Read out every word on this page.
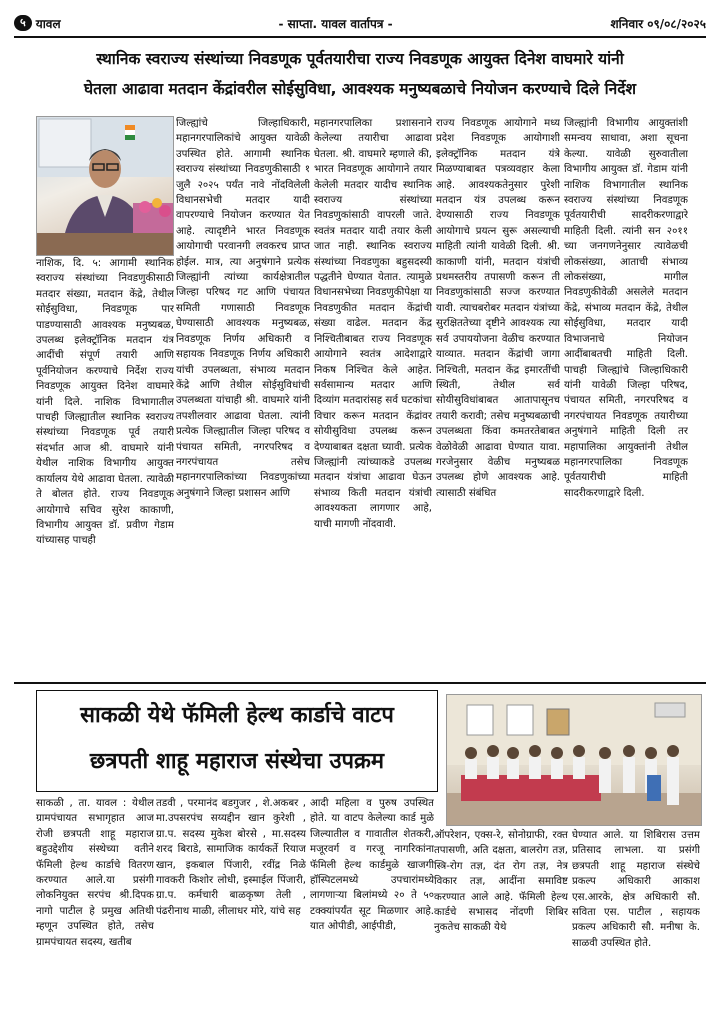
५ यावल	- साप्ता. यावल वार्तापत्र -	शनिवार ०९/०८/२०२५
स्थानिक स्वराज्य संस्थांच्या निवडणूक पूर्वतयारीचा राज्य निवडणूक आयुक्त दिनेश वाघमारे यांनी
घेतला आढावा मतदान केंद्रांवरील सोईसुविधा, आवश्यक मनुष्यबळाचे नियोजन करण्याचे दिले निर्देश
नाशिक, दि. ५: आगामी स्थानिक स्वराज्य संस्थांच्या निवडणुकीसाठी मतदार संख्या, मतदान केंद्रे, तेथील सोईसुविधा, निवडणूक पार पाडण्यासाठी आवश्यक मनुष्यबळ, उपलब्ध इलेक्ट्रॉनिक मतदान यंत्र आदींची संपूर्ण तयारी आणि पूर्वनियोजन करण्याचे निर्देश राज्य निवडणूक आयुक्त दिनेश वाघमारे यांनी दिले. नाशिक विभागातील पाचही जिल्ह्यातील स्थानिक स्वराज्य संस्थांच्या निवडणूक पूर्व तयारी संदर्भात आज श्री. वाघमारे यांनी येथील नाशिक विभागीय आयुक्त कार्यालय येथे आढावा घेतला. त्यावेळी ते बोलत होते. राज्य निवडणूक आयोगाचे सचिव सुरेश काकाणी, विभागीय आयुक्त डॉ. प्रवीण गेडाम यांच्यासह पाचही
जिल्ह्यांचे जिल्हाधिकारी, महानगरपालिकांचे आयुक्त यावेळी उपस्थित होते. आगामी स्थानिक स्वराज्य संस्थांच्या निवडणुकीसाठी १ जुलै २०२५ पर्यंत नावे नोंदविलेली विधानसभेची मतदार यादी वापरण्याचे नियोजन करण्यात येत आहे. त्यादृष्टीने भारत निवडणूक आयोगाची परवानगी लवकरच प्राप्त होईल. मात्र, त्या अनुषंगाने प्रत्येक जिल्ह्यांनी त्यांच्या कार्यक्षेत्रातील जिल्हा परिषद गट आणि पंचायत समिती गणासाठी निवडणूक घेण्यासाठी आवश्यक मनुष्यबळ, निवडणूक निर्णय अधिकारी व सहायक निवडणूक निर्णय अधिकारी यांची उपलब्धता, संभाव्य मतदान केंद्रे आणि तेथील सोईसुविधांची उपलब्धता यांचाही श्री. वाघमारे यांनी तपशीलवार आढावा घेतला. त्यांनी प्रत्येक जिल्ह्यातील जिल्हा परिषद व पंचायत समिती, नगरपरिषद व नगरपंचायत तसेच महानगरपालिकांच्या निवडणुकांच्या अनुषंगाने जिल्हा प्रशासन आणि
महानगरपालिका प्रशासनाने केलेल्या तयारीचा आढावा घेतला. श्री. वाघमारे म्हणाले की, भारत निवडणूक आयोगाने तयार केलेली मतदार यादीच स्थानिक स्वराज्य संस्थांच्या निवडणुकांसाठी वापरली जाते. स्वतंत्र मतदार यादी तयार केली जात नाही. स्थानिक स्वराज्य संस्थांच्या निवडणुका बहुसदस्यी पद्धतीने घेण्यात येतात. त्यामुळे विधानसभेच्या निवडणुकीपेक्षा या निवडणुकीत मतदान केंद्रांची संख्या वाढेल. मतदान केंद्र निश्चितीबाबत राज्य निवडणूक आयोगाने स्वतंत्र आदेशाद्वारे निकष निश्चित केले आहेत. सर्वसामान्य मतदार आणि दिव्यांग मतदारांसह सर्व घटकांचा विचार करून मतदान केंद्रांवर सोयीसुविधा उपलब्ध करून देण्याबाबत दक्षता घ्यावी. प्रत्येक जिल्ह्यांनी त्यांच्याकडे उपलब्ध मतदान यंत्रांचा आढावा घेऊन संभाव्य किती मतदान यंत्रांची आवश्यकता लागणार आहे, याची मागणी नोंदवावी.
राज्य निवडणूक आयोगाने मध्य प्रदेश निवडणूक आयोगाशी इलेक्ट्रॉनिक मतदान यंत्रे मिळण्याबाबत पत्रव्यवहार केला आहे. आवश्यकतेनुसार पुरेशी मतदान यंत्र उपलब्ध करून देण्यासाठी राज्य निवडणूक आयोगाचे प्रयत्न सुरू असल्याची माहिती त्यांनी यावेळी दिली. श्री. काकाणी यांनी, मतदान यंत्रांची प्रथमस्तरीय तपासणी करून ती निवडणुकांसाठी सज्ज करण्यात यावी. त्याचबरोबर मतदान यंत्रांच्या सुरक्षिततेच्या दृष्टीने आवश्यक त्या सर्व उपाययोजना वेळीच करण्यात याव्यात. मतदान केंद्रांची जागा निश्चिती, मतदान केंद्र इमारतींची स्थिती, तेथील सर्व सोयीसुविधांबाबत आतापासूनच तयारी करावी; तसेच मनुष्यबळाची उपलब्धता किंवा कमतरतेबाबत वेळोवेळी आढावा घेण्यात यावा. गरजेनुसार वेळीच मनुष्यबळ उपलब्ध होणे आवश्यक आहे. त्यासाठी संबंधित
जिल्ह्यांनी विभागीय आयुक्तांशी समन्वय साधावा, अशा सूचना केल्या. यावेळी सुरुवातीला विभागीय आयुक्त डॉ. गेडाम यांनी नाशिक विभागातील स्थानिक स्वराज्य संस्थांच्या निवडणूक पूर्वतयारीची सादरीकरणाद्वारे माहिती दिली. त्यांनी सन २०११ च्या जनगणनेनुसार त्यावेळची लोकसंख्या, आताची संभाव्य लोकसंख्या, मागील निवडणुकीवेळी असलेले मतदान केंद्रे, संभाव्य मतदान केंद्रे, तेथील सोईसुविधा, मतदार यादी विभाजनाचे नियोजन आदींबाबतची माहिती दिली. पाचही जिल्ह्यांचे जिल्हाधिकारी यांनी यावेळी जिल्हा परिषद, पंचायत समिती, नगरपरिषद व नगरपंचायत निवडणूक तयारीच्या अनुषंगाने माहिती दिली तर महापालिका आयुक्तांनी तेथील महानगरपालिका निवडणूक पूर्वतयारीची माहिती सादरीकरणाद्वारे दिली.
साकळी येथे फॅमिली हेल्थ कार्डाचे वाटप
छत्रपती शाहू महाराज संस्थेचा उपक्रम
साकळी , ता. यावल : येथील ग्रामपंचायत सभागृहात आज रोजी छत्रपती शाहू महाराज बहुउद्देशीय संस्थेच्या वतीने फॅमिली हेल्थ कार्डाचे वितरण करण्यात आले.या प्रसंगी लोकनियुक्त सरपंच श्री.दिपक नागो पाटील हे प्रमुख अतिथी म्हणून उपस्थित होते, तसेच ग्रामपंचायत सदस्य, खतीब
तडवी , परमानंद बडगुजर , शे.अकबर , मा.उपसरपंच सय्यद्दीन खान कुरेशी , ग्रा.प. सदस्य मुकेश बोरसे , मा.सदस्य शरद बिराडे, सामाजिक कार्यकर्ते रियाज खान, इकबाल पिंजारी, रवींद्र निळे गावकरी किशोर लोधी, इस्माईल पिंजारी, ग्रा.प. कर्मचारी बाळकृष्ण तेली , पंढरीनाथ माळी, लीलाधर मोरे, यांचे सह
आदी महिला व पुरुष उपस्थित होते. या वाटप केलेल्या कार्ड मुळे जिल्यातील व गावातील शेतकरी, मजूरवर्ग व गरजू नागरिकांना फॅमिली हेल्थ कार्डमुळे खाजगी हॉस्पिटलमध्ये उपचारांमध्ये लागणाऱ्या बिलांमध्ये २० ते ५० टक्क्यांपर्यंत सूट मिळणार आहे. यात ओपीडी, आईपीडी,
ऑपरेशन, एक्स-रे, सोनोग्राफी, रक्त तपासणी, अति दक्षता, बालरोग तज्ञ, स्त्रि-रोग तज्ञ, दंत रोग तज्ञ, नेत्र विकार तज्ञ, आदींना समाविष्ट करण्यात आले आहे. फॅमिली हेल्थ कार्डचे सभासद नोंदणी शिबिर नुकतेच साकळी येथे
घेण्यात आले. या शिबिरास उत्तम प्रतिसाद लाभला. या प्रसंगी छत्रपती शाहू महाराज संस्थेचे प्रकल्प अधिकारी आकाश एस.आरके, क्षेत्र अधिकारी सौ. सविता एस. पाटील , सहायक प्रकल्प अधिकारी सौ. मनीषा के. साळवी उपस्थित होते.
